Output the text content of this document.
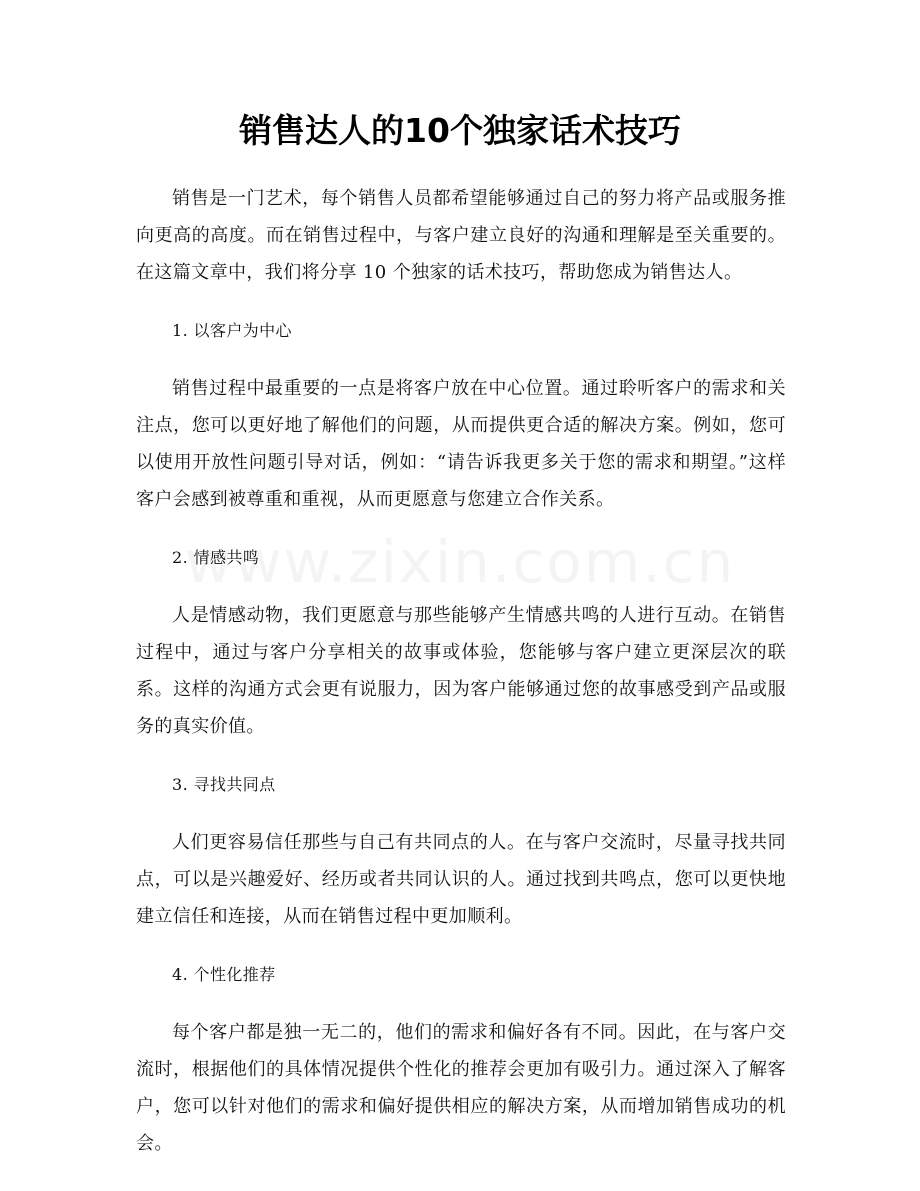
销售达人的10个独家话术技巧

销售是一门艺术，每个销售人员都希望能够通过自己的努力将产品或服务推向更高的高度。而在销售过程中，与客户建立良好的沟通和理解是至关重要的。在这篇文章中，我们将分享 10 个独家的话术技巧，帮助您成为销售达人。

1. 以客户为中心

销售过程中最重要的一点是将客户放在中心位置。通过聆听客户的需求和关注点，您可以更好地了解他们的问题，从而提供更合适的解决方案。例如，您可以使用开放性问题引导对话，例如：“请告诉我更多关于您的需求和期望。”这样客户会感到被尊重和重视，从而更愿意与您建立合作关系。

2. 情感共鸣

人是情感动物，我们更愿意与那些能够产生情感共鸣的人进行互动。在销售过程中，通过与客户分享相关的故事或体验，您能够与客户建立更深层次的联系。这样的沟通方式会更有说服力，因为客户能够通过您的故事感受到产品或服务的真实价值。

3. 寻找共同点

人们更容易信任那些与自己有共同点的人。在与客户交流时，尽量寻找共同点，可以是兴趣爱好、经历或者共同认识的人。通过找到共鸣点，您可以更快地建立信任和连接，从而在销售过程中更加顺利。

4. 个性化推荐

每个客户都是独一无二的，他们的需求和偏好各有不同。因此，在与客户交流时，根据他们的具体情况提供个性化的推荐会更加有吸引力。通过深入了解客户，您可以针对他们的需求和偏好提供相应的解决方案，从而增加销售成功的机会。
